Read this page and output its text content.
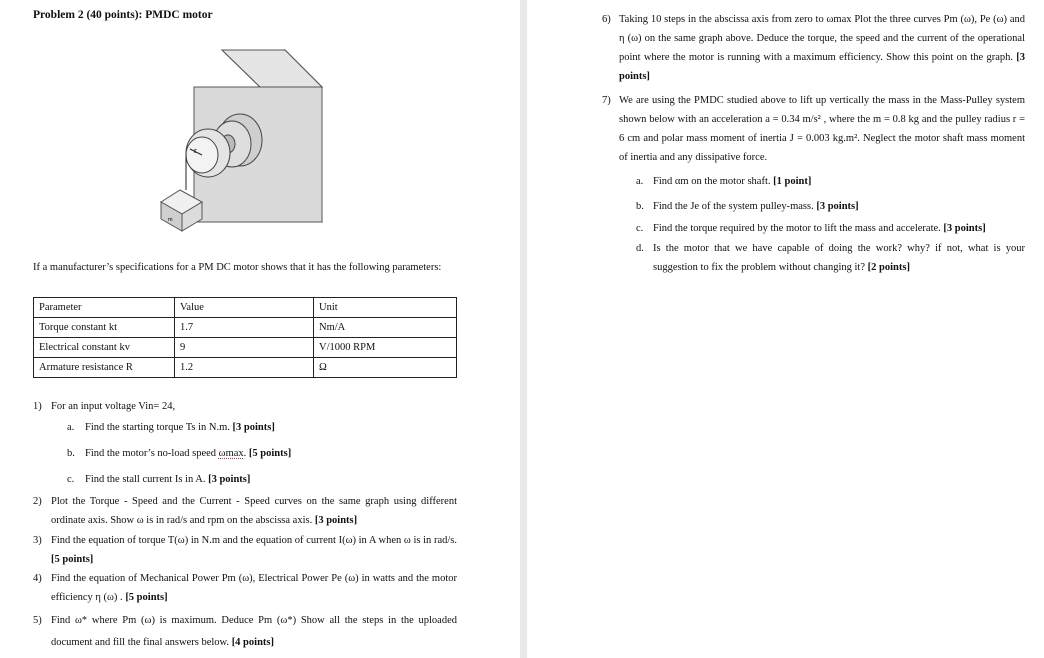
Problem 2 (40 points): PMDC motor
r
m
If a manufacturer’s specifications for a PM DC motor shows that it has the following parameters:
Parameter	Value	Unit
Torque constant kt	1.7	Nm/A
Electrical constant kv	9	V/1000 RPM
Armature resistance R	1.2	Ω
1) For an input voltage Vin= 24,
a. Find the starting torque Ts in N.m. [3 points]
b. Find the motor’s no-load speed ωmax. [5 points]
c. Find the stall current Is in A. [3 points]
2) Plot the Torque - Speed and the Current - Speed curves on the same graph using different ordinate axis. Show ω is in rad/s and rpm on the abscissa axis. [3 points]
3) Find the equation of torque T(ω) in N.m and the equation of current I(ω) in A when ω is in rad/s. [5 points]
4) Find the equation of Mechanical Power Pm (ω), Electrical Power Pe (ω) in watts and the motor efficiency η (ω) . [5 points]
5) Find ω* where Pm (ω) is maximum. Deduce Pm (ω*) Show all the steps in the uploaded document and fill the final answers below. [4 points]
6) Taking 10 steps in the abscissa axis from zero to ωmax Plot the three curves Pm (ω), Pe (ω) and η (ω) on the same graph above. Deduce the torque, the speed and the current of the operational point where the motor is running with a maximum efficiency. Show this point on the graph. [3 points]
7) We are using the PMDC studied above to lift up vertically the mass in the Mass-Pulley system shown below with an acceleration a = 0.34 m/s² , where the m = 0.8 kg and the pulley radius r = 6 cm and polar mass moment of inertia J = 0.003 kg.m². Neglect the motor shaft mass moment of inertia and any dissipative force.
a. Find αm on the motor shaft. [1 point]
b. Find the Je of the system pulley-mass. [3 points]
c. Find the torque required by the motor to lift the mass and accelerate. [3 points]
d. Is the motor that we have capable of doing the work? why? if not, what is your suggestion to fix the problem without changing it? [2 points]
